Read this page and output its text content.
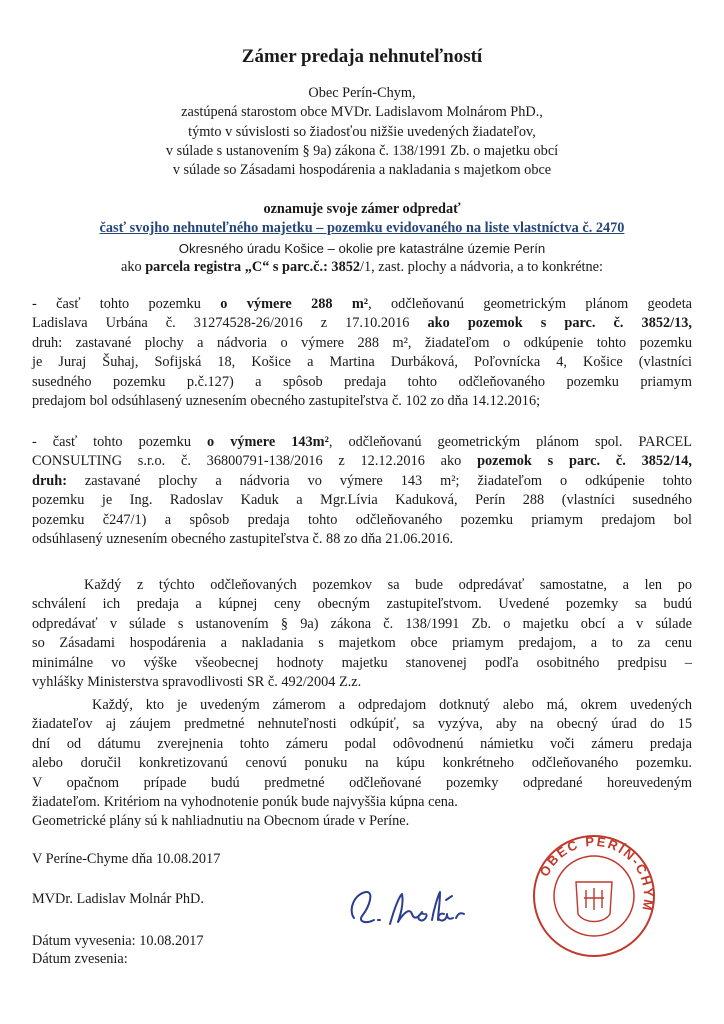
Zámer predaja nehnuteľností
Obec Perín-Chym,
zastúpená starostom obce MVDr. Ladislavom Molnárom PhD.,
týmto v súvislosti so žiadosťou nižšie uvedených žiadateľov,
v súlade s ustanovením § 9a) zákona č. 138/1991 Zb. o majetku obcí
v súlade so Zásadami hospodárenia a nakladania s majetkom obce
oznamuje svoje zámer odpredať
časť svojho nehnuteľného majetku – pozemku evidovaného na liste vlastníctva č. 2470
Okresného úradu Košice – okolie pre katastrálne územie Perín
ako parcela registra „C“ s parc.č.: 3852/1, zast. plochy a nádvoria, a to konkrétne:
- časť tohto pozemku o výmere 288 m², odčleňovanú geometrickým plánom geodeta
Ladislava Urbána č. 31274528-26/2016 z 17.10.2016 ako pozemok s parc. č. 3852/13,
druh: zastavané plochy a nádvoria o výmere 288 m², žiadateľom o odkúpenie tohto pozemku
je Juraj Šuhaj, Sofijská 18, Košice a Martina Durbáková, Poľovnícka 4, Košice (vlastníci
susedného pozemku p.č.127) a spôsob predaja tohto odčleňovaného pozemku priamym
predajom bol odsúhlasený uznesením obecného zastupiteľstva č. 102 zo dňa 14.12.2016;
- časť tohto pozemku o výmere 143m², odčleňovanú geometrickým plánom spol. PARCEL
CONSULTING s.r.o. č. 36800791-138/2016 z 12.12.2016 ako pozemok s parc. č. 3852/14,
druh: zastavané plochy a nádvoria vo výmere 143 m²; žiadateľom o odkúpenie tohto
pozemku je Ing. Radoslav Kaduk a Mgr.Lívia Kaduková, Perín 288 (vlastníci susedného
pozemku č247/1) a spôsob predaja tohto odčleňovaného pozemku priamym predajom bol
odsúhlasený uznesením obecného zastupiteľstva č. 88 zo dňa 21.06.2016.
Každý z týchto odčleňovaných pozemkov sa bude odpredávať samostatne, a len po
schválení ich predaja a kúpnej ceny obecným zastupiteľstvom. Uvedené pozemky sa budú
odpredávať v súlade s ustanovením § 9a) zákona č. 138/1991 Zb. o majetku obcí a v súlade
so Zásadami hospodárenia a nakladania s majetkom obce priamym predajom, a to za cenu
minimálne vo výške všeobecnej hodnoty majetku stanovenej podľa osobitného predpisu –
vyhlášky Ministerstva spravodlivosti SR č. 492/2004 Z.z.
Každý, kto je uvedeným zámerom a odpredajom dotknutý alebo má, okrem uvedených
žiadateľov aj záujem predmetné nehnuteľnosti odkúpiť, sa vyzýva, aby na obecný úrad do 15
dní od dátumu zverejnenia tohto zámeru podal odôvodnenú námietku voči zámeru predaja
alebo doručil konkretizovanú cenovú ponuku na kúpu konkrétneho odčleňovaného pozemku.
V opačnom prípade budú predmetné odčleňované pozemky odpredané horeuvedeným
žiadateľom. Kritériom na vyhodnotenie ponúk bude najvyššia kúpna cena.
Geometrické plány sú k nahliadnutiu na Obecnom úrade v Períne.
V Períne-Chyme dňa 10.08.2017
MVDr. Ladislav Molnár PhD.
Dátum vyvesenia: 10.08.2017
Dátum zvesenia:
OBEC PERÍN-CHYM
